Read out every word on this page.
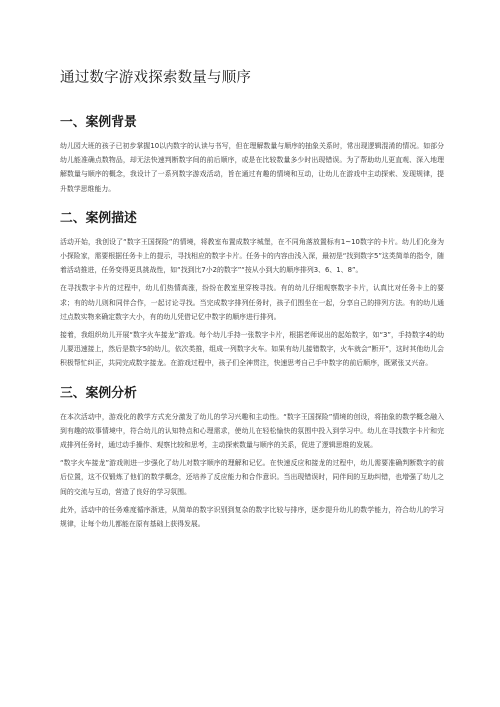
通过数字游戏探索数量与顺序
一、案例背景

幼儿园大班的孩子已初步掌握10以内数字的认读与书写，但在理解数量与顺序的抽象关系时，常出现逻辑混淆的情况。如部分幼儿能准确点数物品，却无法快速判断数字间的前后顺序，或是在比较数量多少时出现错误。为了帮助幼儿更直观、深入地理解数量与顺序的概念，我设计了一系列数字游戏活动，旨在通过有趣的情境和互动，让幼儿在游戏中主动探索、发现规律，提升数学思维能力。

二、案例描述

活动开始，我创设了“数字王国探险”的情境，将教室布置成数字城堡，在不同角落放置标有1~10数字的卡片。幼儿们化身为小探险家，需要根据任务卡上的提示，寻找相应的数字卡片。任务卡的内容由浅入深，最初是“找到数字5”这类简单的指令，随着活动推进，任务变得更具挑战性，如“找到比7小2的数字”“按从小到大的顺序排列3、6、1、8”。

在寻找数字卡片的过程中，幼儿们热情高涨，纷纷在教室里穿梭寻找。有的幼儿仔细观察数字卡片，认真比对任务卡上的要求；有的幼儿则和同伴合作，一起讨论寻找。当完成数字排列任务时，孩子们围坐在一起，分享自己的排列方法。有的幼儿通过点数实物来确定数字大小，有的幼儿凭借记忆中数字的顺序进行排列。

接着，我组织幼儿开展“数字火车接龙”游戏。每个幼儿手持一张数字卡片，根据老师说出的起始数字，如“3”，手持数字4的幼儿要迅速接上，然后是数字5的幼儿，依次类推，组成一列数字火车。如果有幼儿接错数字，火车就会“断开”，这时其他幼儿会积极帮忙纠正，共同完成数字接龙。在游戏过程中，孩子们全神贯注，快速思考自己手中数字的前后顺序，既紧张又兴奋。

三、案例分析

在本次活动中，游戏化的教学方式充分激发了幼儿的学习兴趣和主动性。“数字王国探险”情境的创设，将抽象的数学概念融入到有趣的故事情境中，符合幼儿的认知特点和心理需求，使幼儿在轻松愉快的氛围中投入到学习中。幼儿在寻找数字卡片和完成排列任务时，通过动手操作、观察比较和思考，主动探索数量与顺序的关系，促进了逻辑思维的发展。

“数字火车接龙”游戏则进一步强化了幼儿对数字顺序的理解和记忆。在快速反应和接龙的过程中，幼儿需要准确判断数字的前后位置，这不仅锻炼了他们的数学概念，还培养了反应能力和合作意识。当出现错误时，同伴间的互助纠错，也增强了幼儿之间的交流与互动，营造了良好的学习氛围。

此外，活动中的任务难度循序渐进，从简单的数字识别到复杂的数字比较与排序，逐步提升幼儿的数学能力，符合幼儿的学习规律，让每个幼儿都能在原有基础上获得发展。
